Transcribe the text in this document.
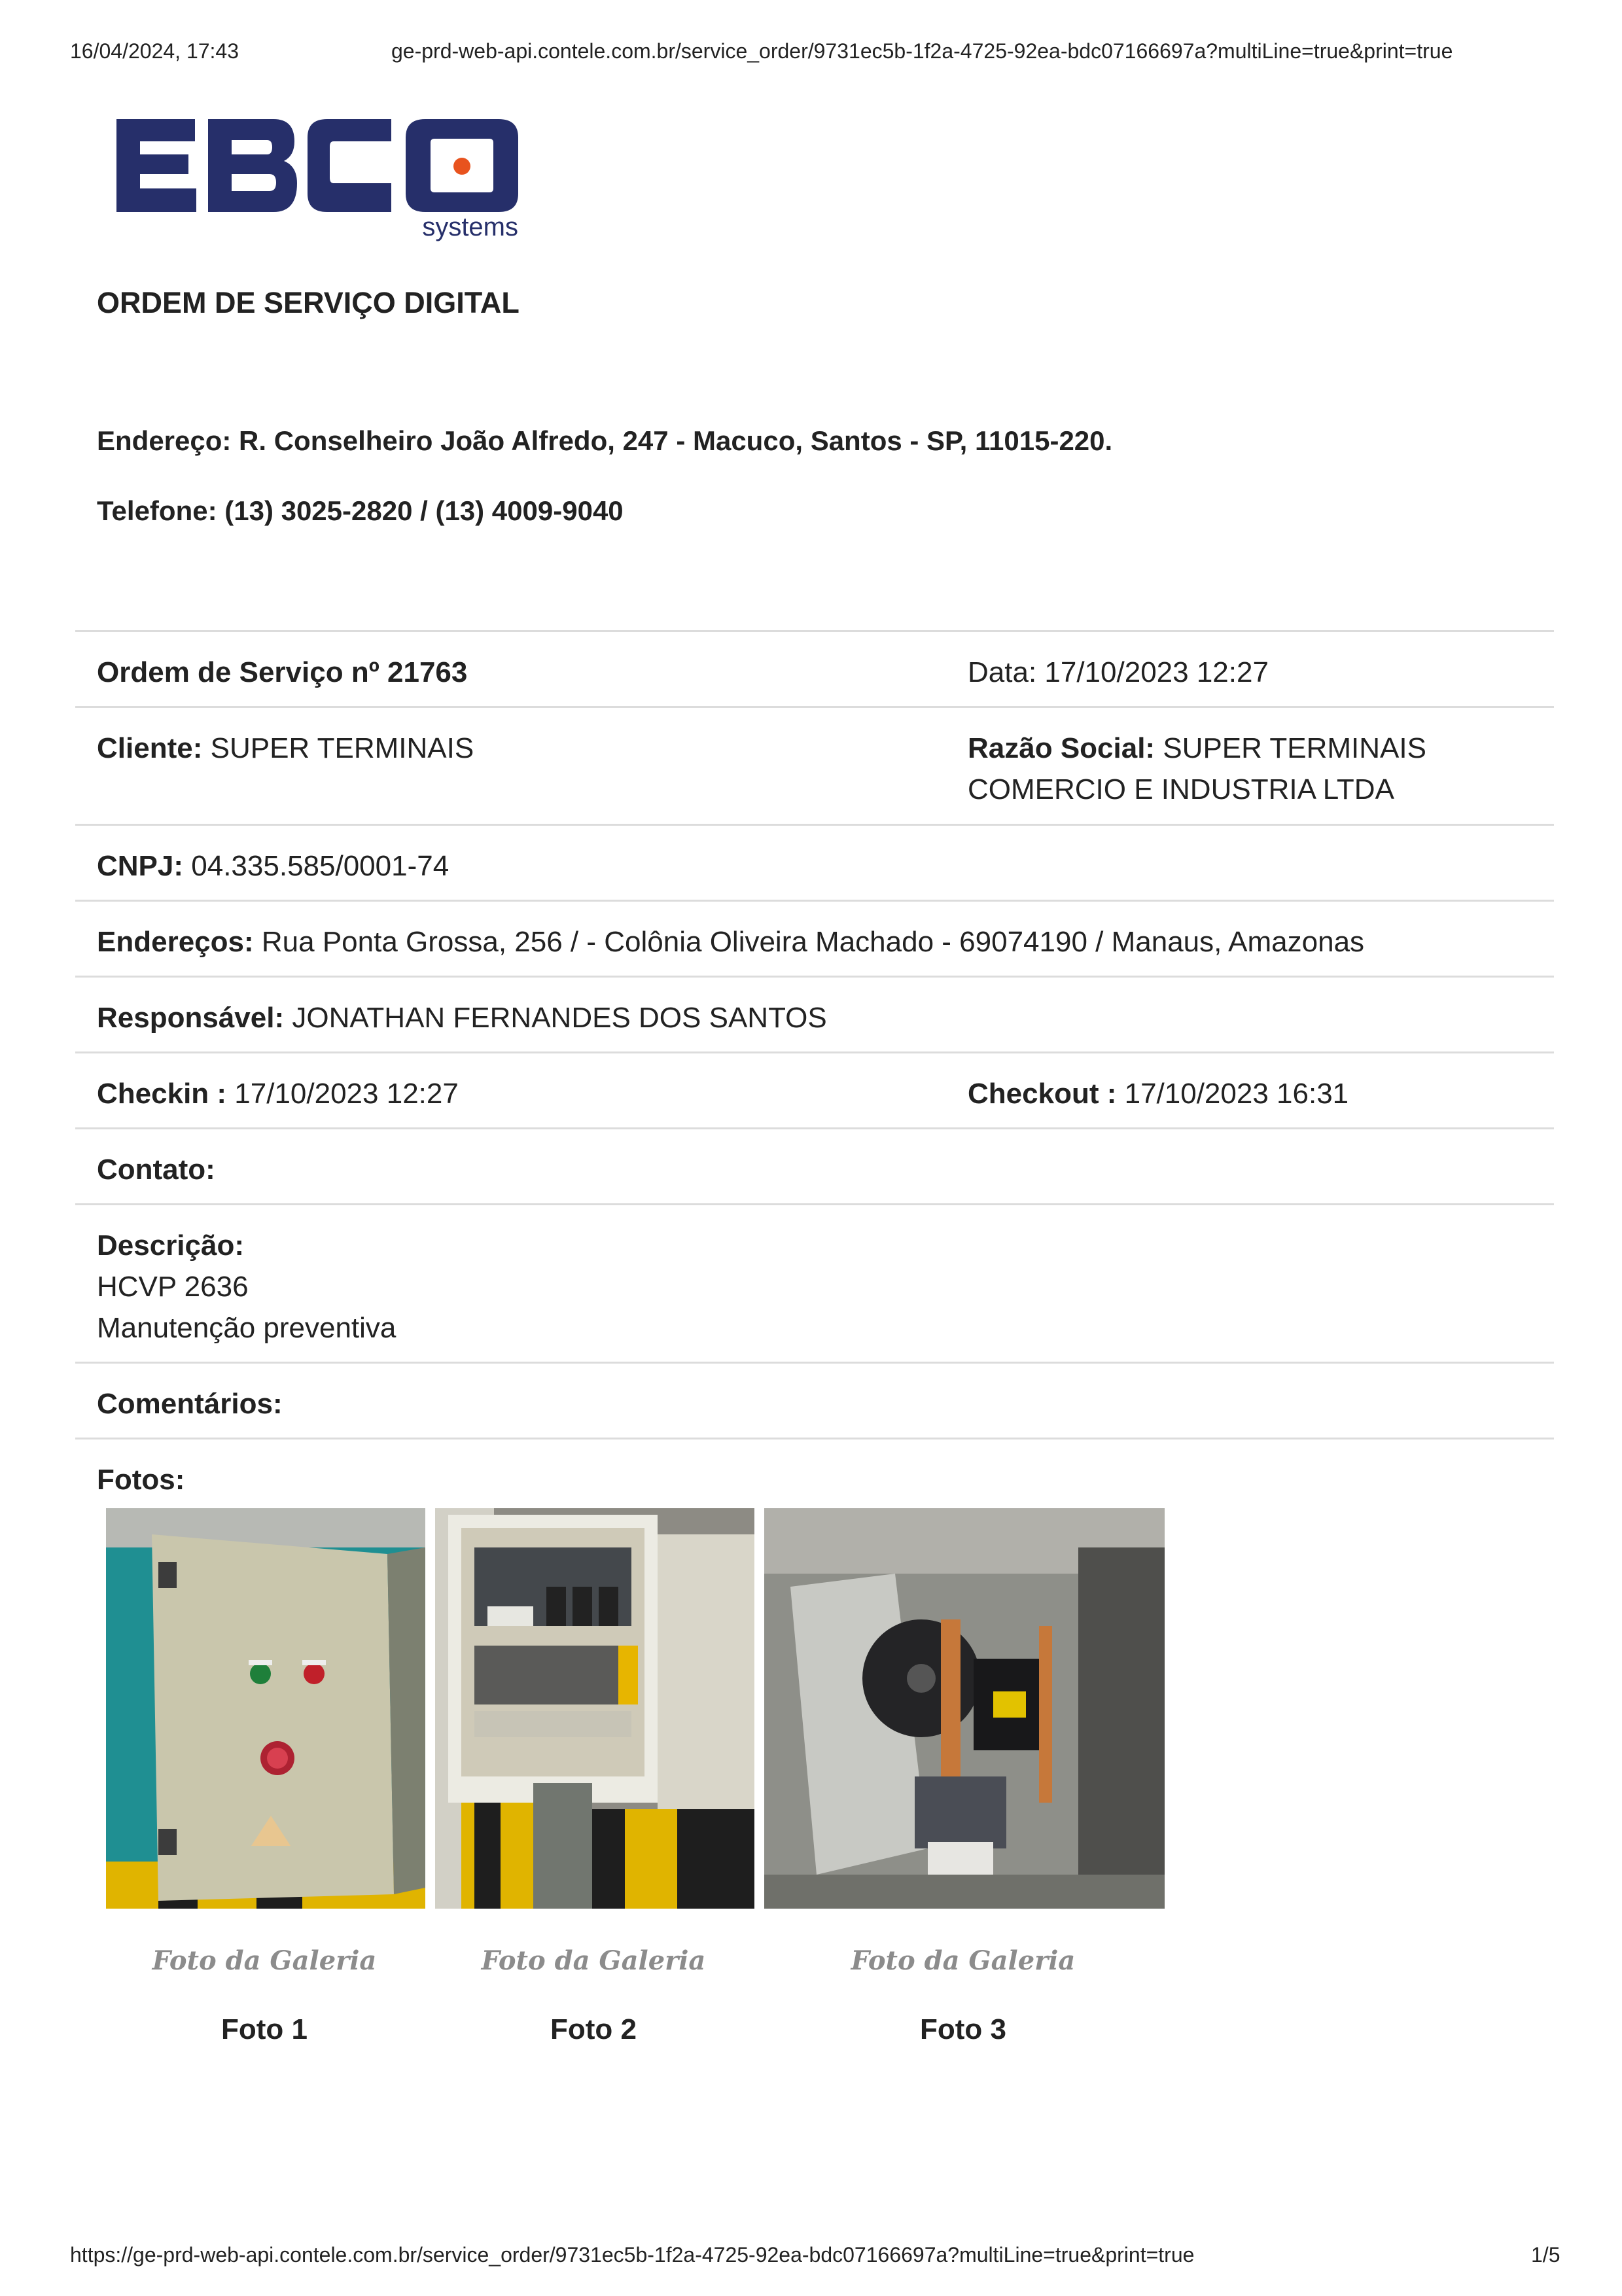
16/04/2024, 17:43	ge-prd-web-api.contele.com.br/service_order/9731ec5b-1f2a-4725-92ea-bdc07166697a?multiLine=true&print=true
systems
ORDEM DE SERVIÇO DIGITAL
Endereço: R. Conselheiro João Alfredo, 247 - Macuco, Santos - SP, 11015-220.
Telefone: (13) 3025-2820 / (13) 4009-9040
Ordem de Serviço nº 21763	Data: 17/10/2023 12:27
Cliente: SUPER TERMINAIS	Razão Social: SUPER TERMINAIS COMERCIO E INDUSTRIA LTDA
CNPJ: 04.335.585/0001-74
Endereços: Rua Ponta Grossa, 256 / - Colônia Oliveira Machado - 69074190 / Manaus, Amazonas
Responsável: JONATHAN FERNANDES DOS SANTOS
Checkin : 17/10/2023 12:27	Checkout : 17/10/2023 16:31
Contato:
Descrição:
HCVP 2636
Manutenção preventiva
Comentários:
Fotos:
Foto da Galeria	Foto da Galeria	Foto da Galeria
Foto 1	Foto 2	Foto 3
https://ge-prd-web-api.contele.com.br/service_order/9731ec5b-1f2a-4725-92ea-bdc07166697a?multiLine=true&print=true	1/5
